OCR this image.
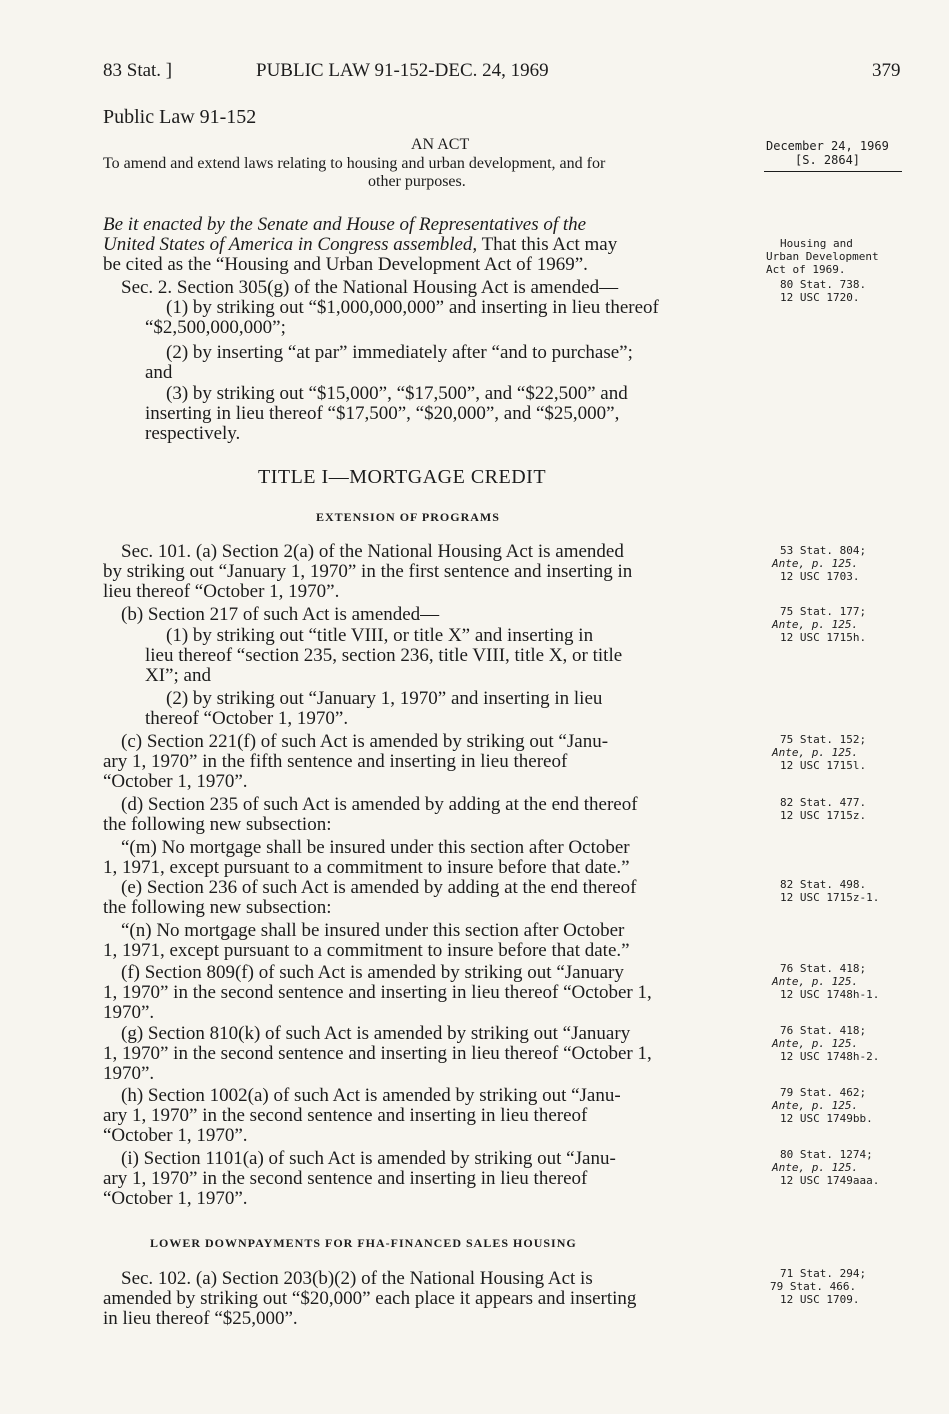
83 Stat. ]	PUBLIC LAW 91-152-DEC. 24, 1969	379
Public Law 91-152
AN ACT
To amend and extend laws relating to housing and urban development, and for
other purposes.
December 24, 1969
[S. 2864]
Be it enacted by the Senate and House of Representatives of the
United States of America in Congress assembled, That this Act may
be cited as the “Housing and Urban Development Act of 1969”.
Housing and
Urban Development
Act of 1969.
Sec. 2. Section 305(g) of the National Housing Act is amended—
(1) by striking out “$1,000,000,000” and inserting in lieu thereof
“$2,500,000,000”;
(2) by inserting “at par” immediately after “and to purchase”;
and
(3) by striking out “$15,000”, “$17,500”, and “$22,500” and
inserting in lieu thereof “$17,500”, “$20,000”, and “$25,000”,
respectively.
80 Stat. 738.
12 USC 1720.
TITLE I—MORTGAGE CREDIT
EXTENSION OF PROGRAMS
Sec. 101. (a) Section 2(a) of the National Housing Act is amended
by striking out “January 1, 1970” in the first sentence and inserting in
lieu thereof “October 1, 1970”.
53 Stat. 804;
Ante, p. 125.
12 USC 1703.
(b) Section 217 of such Act is amended—
(1) by striking out “title VIII, or title X” and inserting in
lieu thereof “section 235, section 236, title VIII, title X, or title
XI”; and
(2) by striking out “January 1, 1970” and inserting in lieu
thereof “October 1, 1970”.
75 Stat. 177;
Ante, p. 125.
12 USC 1715h.
(c) Section 221(f) of such Act is amended by striking out “Janu-
ary 1, 1970” in the fifth sentence and inserting in lieu thereof
“October 1, 1970”.
75 Stat. 152;
Ante, p. 125.
12 USC 1715l.
(d) Section 235 of such Act is amended by adding at the end thereof
the following new subsection:
“(m) No mortgage shall be insured under this section after October
1, 1971, except pursuant to a commitment to insure before that date.”
82 Stat. 477.
12 USC 1715z.
(e) Section 236 of such Act is amended by adding at the end thereof
the following new subsection:
“(n) No mortgage shall be insured under this section after October
1, 1971, except pursuant to a commitment to insure before that date.”
82 Stat. 498.
12 USC 1715z-1.
(f) Section 809(f) of such Act is amended by striking out “January
1, 1970” in the second sentence and inserting in lieu thereof “October 1,
1970”.
76 Stat. 418;
Ante, p. 125.
12 USC 1748h-1.
(g) Section 810(k) of such Act is amended by striking out “January
1, 1970” in the second sentence and inserting in lieu thereof “October 1,
1970”.
76 Stat. 418;
Ante, p. 125.
12 USC 1748h-2.
(h) Section 1002(a) of such Act is amended by striking out “Janu-
ary 1, 1970” in the second sentence and inserting in lieu thereof
“October 1, 1970”.
79 Stat. 462;
Ante, p. 125.
12 USC 1749bb.
(i) Section 1101(a) of such Act is amended by striking out “Janu-
ary 1, 1970” in the second sentence and inserting in lieu thereof
“October 1, 1970”.
80 Stat. 1274;
Ante, p. 125.
12 USC 1749aaa.
LOWER DOWNPAYMENTS FOR FHA-FINANCED SALES HOUSING
Sec. 102. (a) Section 203(b)(2) of the National Housing Act is
amended by striking out “$20,000” each place it appears and inserting
in lieu thereof “$25,000”.
71 Stat. 294;
79 Stat. 466.
12 USC 1709.
